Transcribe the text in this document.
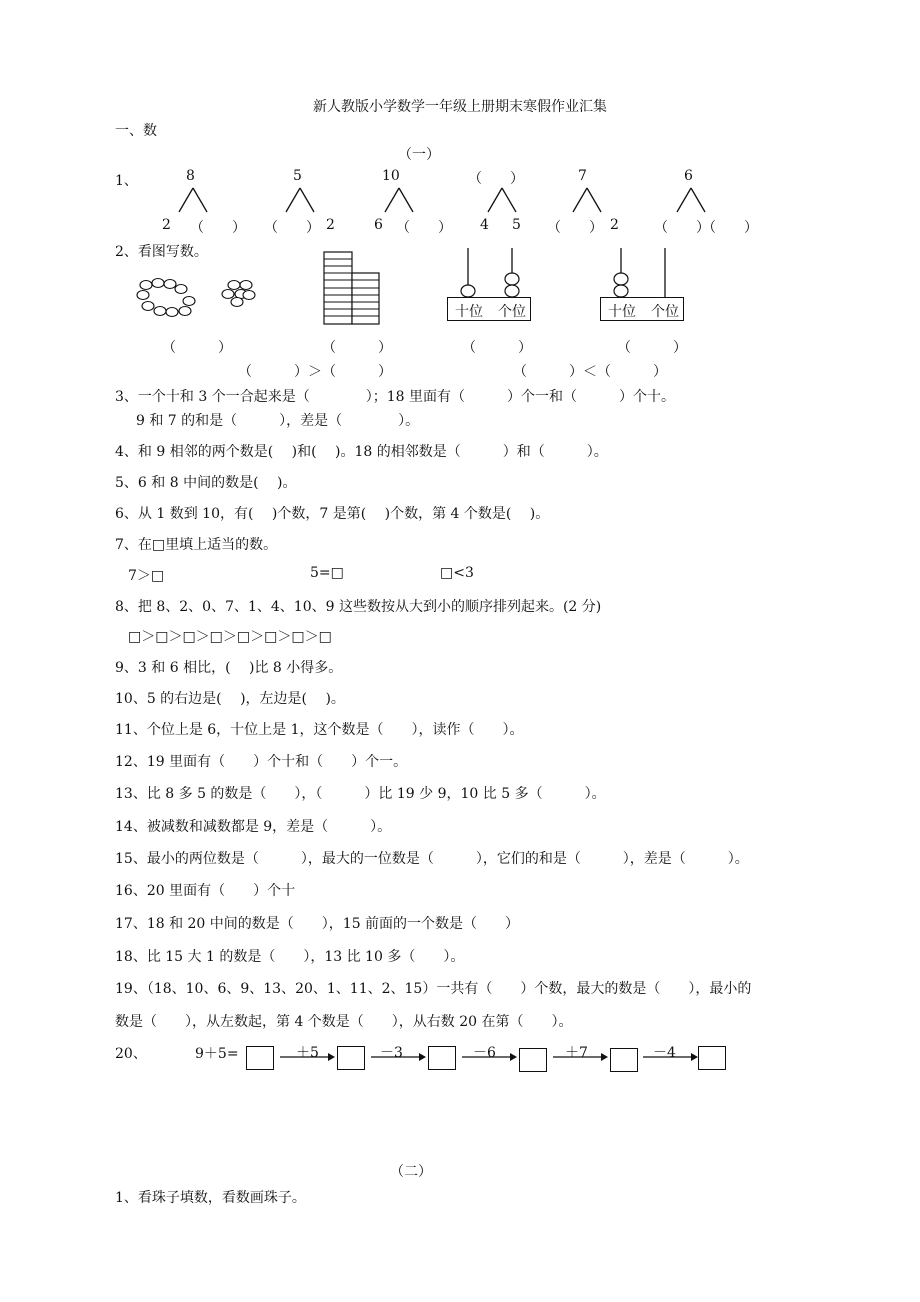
新人教版小学数学一年级上册期末寒假作业汇集
一、数
（一）
1、	8
2 （　　）
5
（　　） 2
10
6 （　　）
（　　）
4 5
7
（　　） 2
6
（　　）
（　　）
2、看图写数。
十位 个位	十位 个位
（　　　）	（　　　）	（　　　）	（　　　）
（　　　）＞（　　　）	（　　　）＜（　　　）
3、一个十和 3 个一合起来是（　　　　）；18 里面有（　　　）个一和（　　　）个十。
9 和 7 的和是（　　　），差是（　　　　）。
4、和 9 相邻的两个数是(　 )和(　 )。18 的相邻数是（　　　）和（　　　）。
5、6 和 8 中间的数是(　 )。
6、从 1 数到 10，有(　 )个数，7 是第(　 )个数，第 4 个数是(　 )。
7、在□里填上适当的数。
7＞□	5=□	□<3
8、把 8、2、0、7、1、4、10、9 这些数按从大到小的顺序排列起来。(2 分)
□＞□＞□＞□＞□＞□＞□＞□
9、3 和 6 相比，(　 )比 8 小得多。
10、5 的右边是(　 )，左边是(　 )。
11、个位上是 6，十位上是 1，这个数是（　　），读作（　　）。
12、19 里面有（　　）个十和（　　）个一。
13、比 8 多 5 的数是（　　），（　　　）比 19 少 9，10 比 5 多（　　　）。
14、被减数和减数都是 9，差是（　　　）。
15、最小的两位数是（　　　），最大的一位数是（　　　），它们的和是（　　　），差是（　　　）。
16、20 里面有（　　）个十
17、18 和 20 中间的数是（　　），15 前面的一个数是（　　）
18、比 15 大 1 的数是（　　），13 比 10 多（　　）。
19、（18、10、6、9、13、20、1、11、2、15）一共有（　　）个数，最大的数是（　　），最小的
数是（　　），从左数起，第 4 个数是（　　），从右数 20 在第（　　）。
20、	9＋5=	＋5	－3	－6	＋7	－4
（二）
1、看珠子填数，看数画珠子。
